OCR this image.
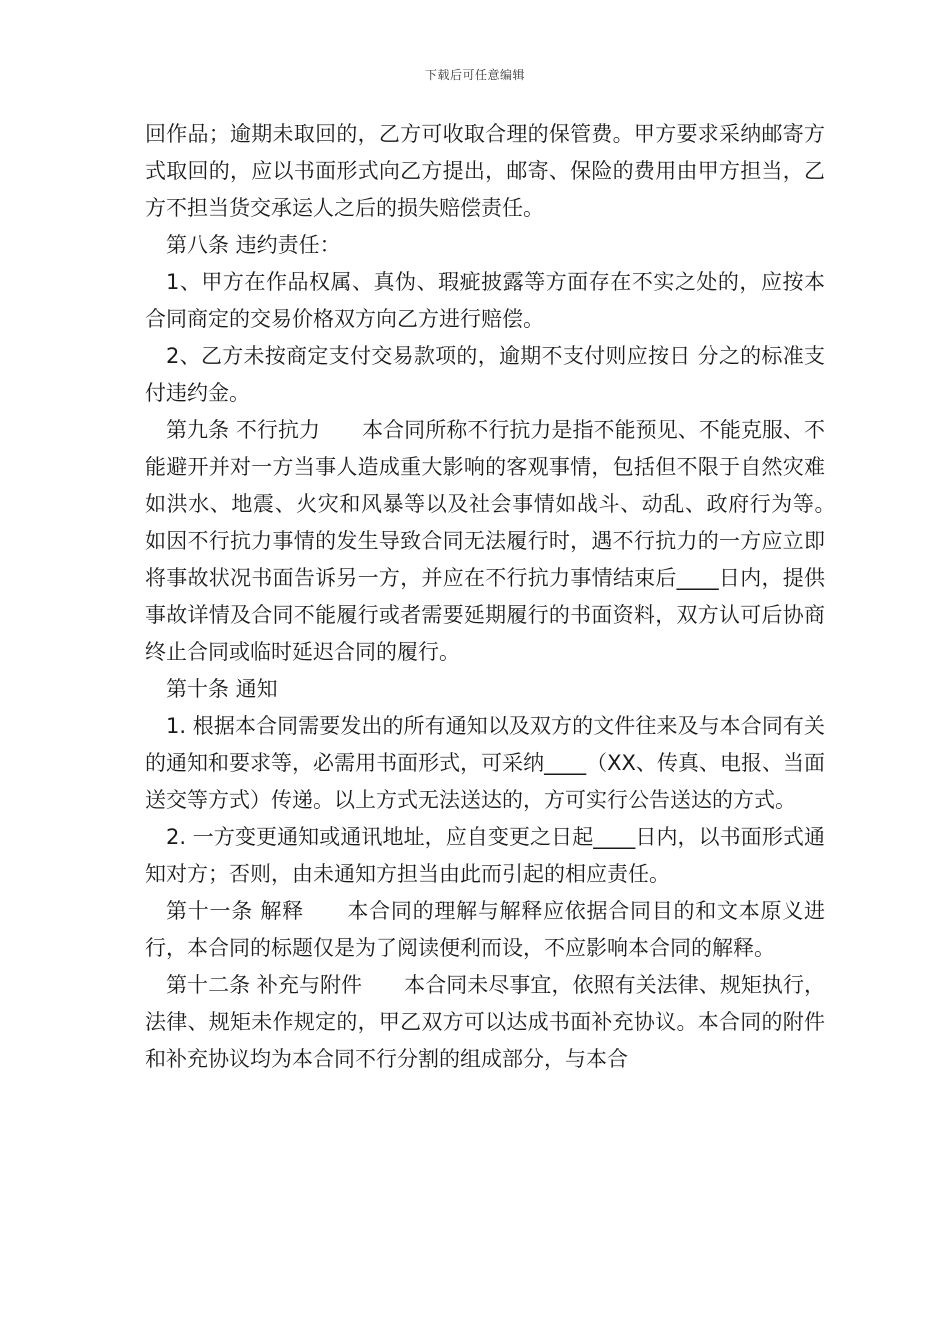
下载后可任意编辑

回作品；逾期未取回的，乙方可收取合理的保管费。甲方要求采纳邮寄方式取回的，应以书面形式向乙方提出，邮寄、保险的费用由甲方担当，乙方不担当货交承运人之后的损失赔偿责任。

第八条 违约责任：

1、甲方在作品权属、真伪、瑕疵披露等方面存在不实之处的，应按本合同商定的交易价格双方向乙方进行赔偿。

2、乙方未按商定支付交易款项的，逾期不支付则应按日 分之的标准支付违约金。

第九条 不行抗力　　本合同所称不行抗力是指不能预见、不能克服、不能避开并对一方当事人造成重大影响的客观事情，包括但不限于自然灾难如洪水、地震、火灾和风暴等以及社会事情如战斗、动乱、政府行为等。　　如因不行抗力事情的发生导致合同无法履行时，遇不行抗力的一方应立即将事故状况书面告诉另一方，并应在不行抗力事情结束后____日内，提供事故详情及合同不能履行或者需要延期履行的书面资料，双方认可后协商终止合同或临时延迟合同的履行。

第十条 通知

1. 根据本合同需要发出的所有通知以及双方的文件往来及与本合同有关的通知和要求等，必需用书面形式，可采纳____（XX、传真、电报、当面送交等方式）传递。以上方式无法送达的，方可实行公告送达的方式。

2. 一方变更通知或通讯地址，应自变更之日起____日内，以书面形式通知对方；否则，由未通知方担当由此而引起的相应责任。

第十一条 解释　　本合同的理解与解释应依据合同目的和文本原义进行，本合同的标题仅是为了阅读便利而设，不应影响本合同的解释。

第十二条 补充与附件　　本合同未尽事宜，依照有关法律、规矩执行，法律、规矩未作规定的，甲乙双方可以达成书面补充协议。本合同的附件和补充协议均为本合同不行分割的组成部分，与本合
